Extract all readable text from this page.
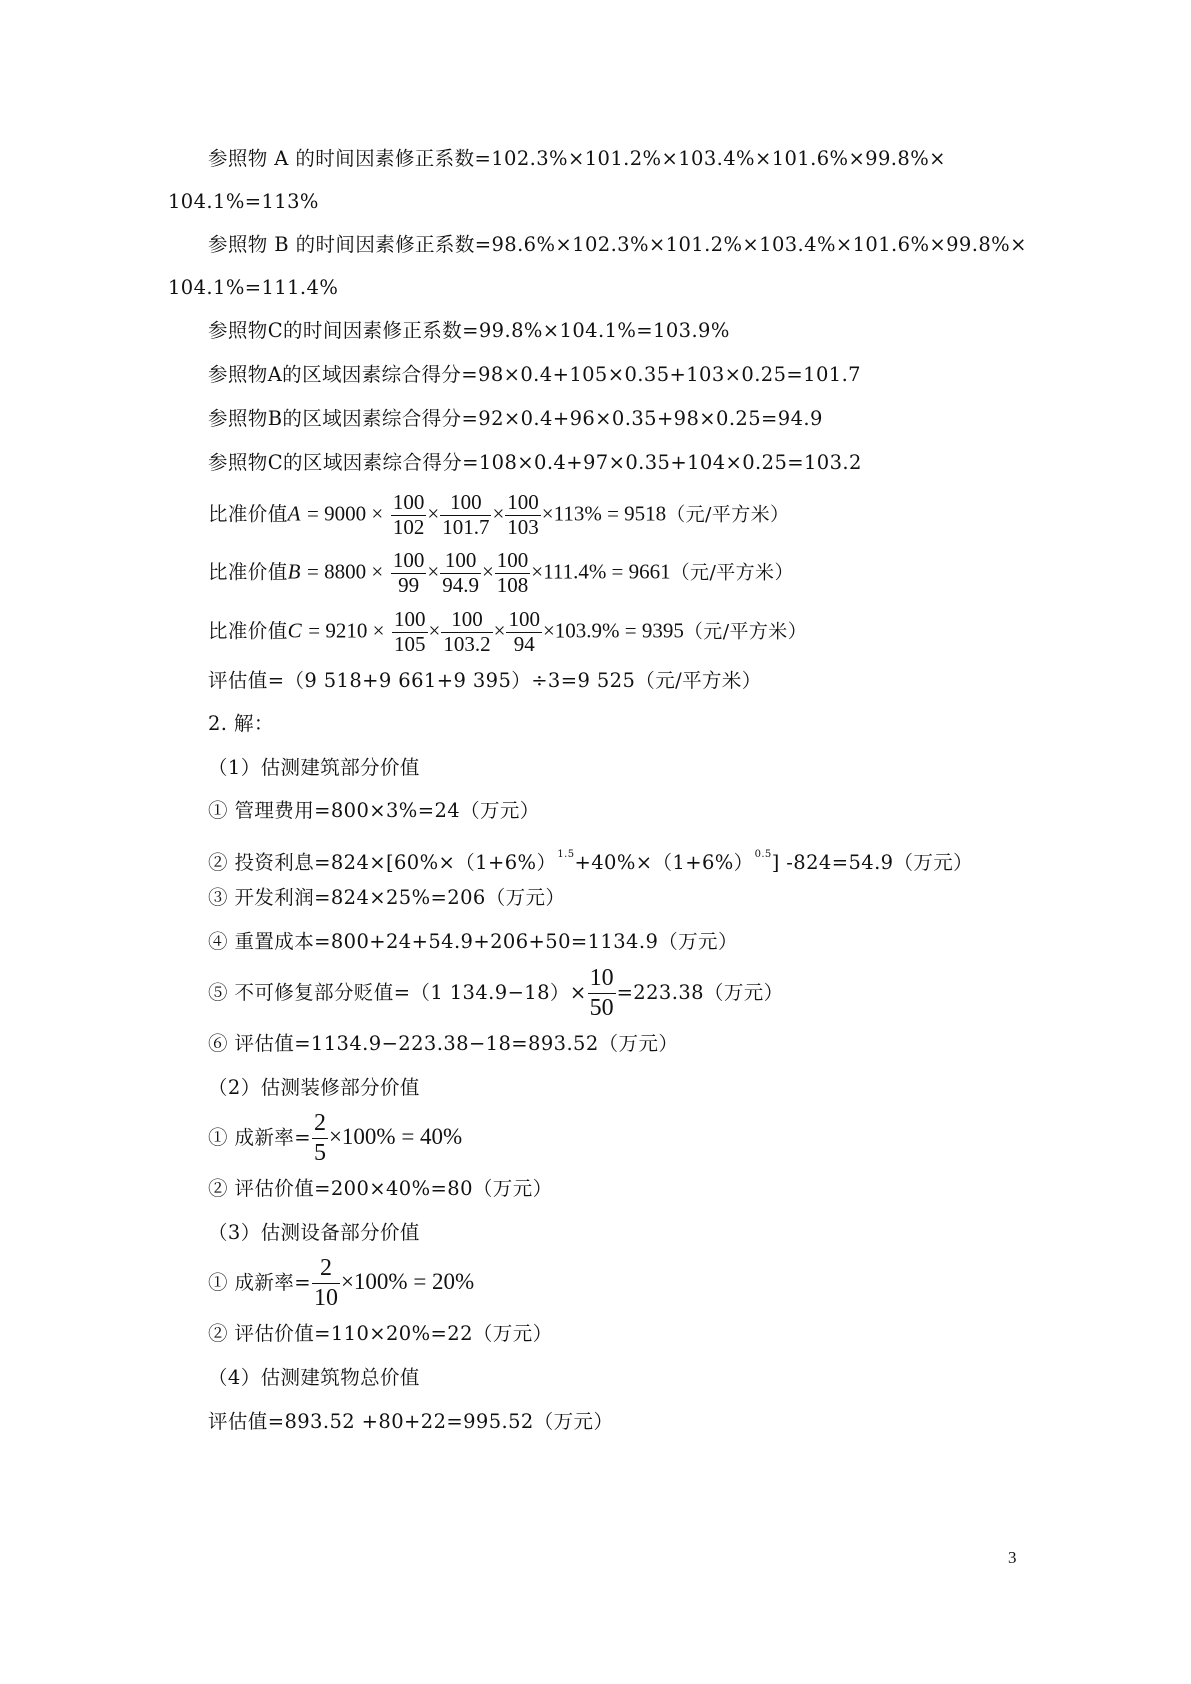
参照物 A 的时间因素修正系数=102.3%×101.2%×103.4%×101.6%×99.8%×
104.1%=113%
参照物 B 的时间因素修正系数=98.6%×102.3%×101.2%×103.4%×101.6%×99.8%×
104.1%=111.4%
参照物C的时间因素修正系数=99.8%×104.1%=103.9%
参照物A的区域因素综合得分=98×0.4+105×0.35+103×0.25=101.7
参照物B的区域因素综合得分=92×0.4+96×0.35+98×0.25=94.9
参照物C的区域因素综合得分=108×0.4+97×0.35+104×0.25=103.2
比准价值$A = 9000 \times \frac{100}{102} \times \frac{100}{101.7} \times \frac{100}{103} \times 113\% = 9518$（元/平方米）
比准价值$B = 8800 \times \frac{100}{99} \times \frac{100}{94.9} \times \frac{100}{108} \times 111.4\% = 9661$（元/平方米）
比准价值$C = 9210 \times \frac{100}{105} \times \frac{100}{103.2} \times \frac{100}{94} \times 103.9\% = 9395$（元/平方米）
评估值=（9 518+9 661+9 395）÷3=9 525（元/平方米）
2. 解：
（1）估测建筑部分价值
① 管理费用=800×3%=24（万元）
② 投资利息$=824\times[60\%\times(1+6\%)^{1.5}+40\%\times(1+6\%)^{0.5}]$ -824=54.9（万元）
③ 开发利润=824×25%=206（万元）
④ 重置成本=800+24+54.9+206+50=1134.9（万元）
⑤ 不可修复部分贬值=（1 $134.9-18)\times \frac{10}{50} =223.38$（万元）
⑥ 评估值=1134.9−223.38−18=893.52（万元）
（2）估测装修部分价值
① 成新率= $\frac{2}{5} \times 100\% = 40\%$
② 评估价值=200×40%=80（万元）
（3）估测设备部分价值
① 成新率= $\frac{2}{10} \times 100\% = 20\%$
② 评估价值=110×20%=22（万元）
（4）估测建筑物总价值
评估值=893.52 +80+22=995.52（万元）
3
